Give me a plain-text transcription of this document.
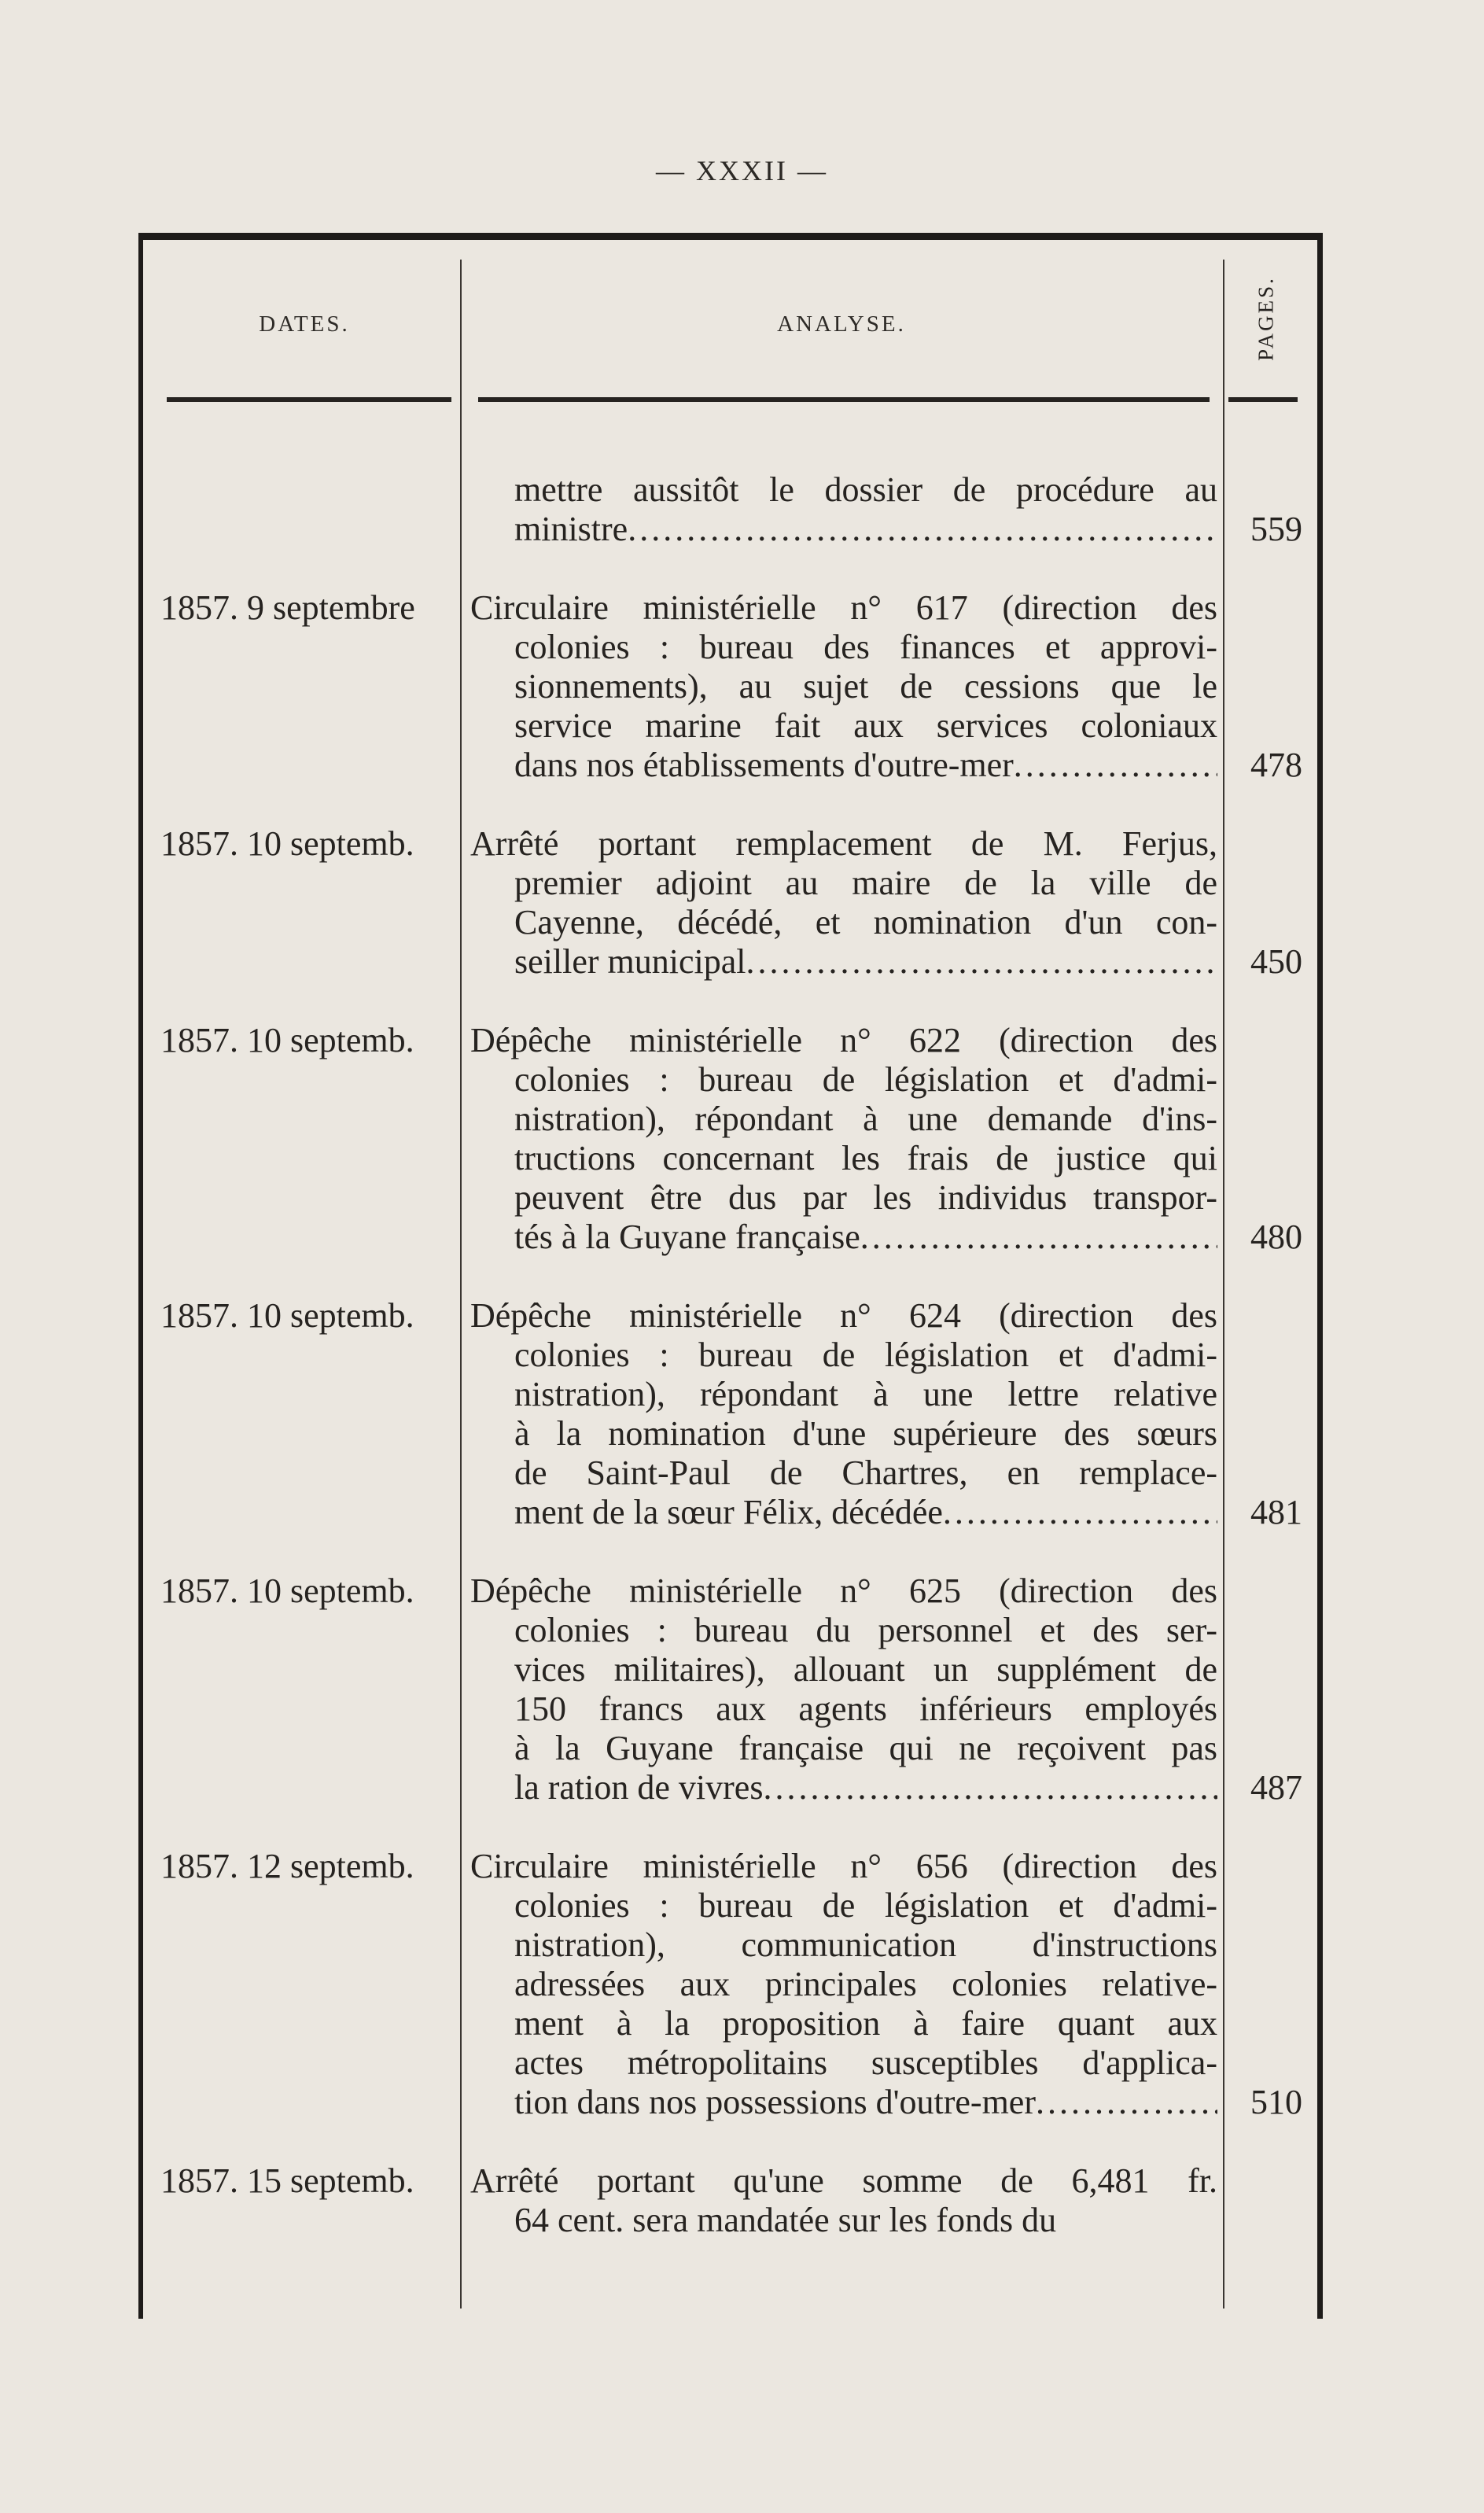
— XXXII —
DATES.	ANALYSE.	PAGES.
mettre aussitôt le dossier de procédure au
ministre .....	559
1857. 9 septembre	Circulaire ministérielle n° 617 (direction des
colonies : bureau des finances et approvi-
sionnements), au sujet de cessions que le
service marine fait aux services coloniaux
dans nos établissements d'outre-mer .....	478
1857. 10 septemb.	Arrêté portant remplacement de M. Ferjus,
premier adjoint au maire de la ville de
Cayenne, décédé, et nomination d'un con-
seiller municipal .....	450
1857. 10 septemb.	Dépêche ministérielle n° 622 (direction des
colonies : bureau de législation et d'admi-
nistration), répondant à une demande d'ins-
tructions concernant les frais de justice qui
peuvent être dus par les individus transpor-
tés à la Guyane française .....	480
1857. 10 septemb.	Dépêche ministérielle n° 624 (direction des
colonies : bureau de législation et d'admi-
nistration), répondant à une lettre relative
à la nomination d'une supérieure des sœurs
de Saint-Paul de Chartres, en remplace-
ment de la sœur Félix, décédée .....	481
1857. 10 septemb.	Dépêche ministérielle n° 625 (direction des
colonies : bureau du personnel et des ser-
vices militaires), allouant un supplément de
150 francs aux agents inférieurs employés
à la Guyane française qui ne reçoivent pas
la ration de vivres .....	487
1857. 12 septemb.	Circulaire ministérielle n° 656 (direction des
colonies : bureau de législation et d'admi-
nistration), communication d'instructions
adressées aux principales colonies relative-
ment à la proposition à faire quant aux
actes métropolitains susceptibles d'applica-
tion dans nos possessions d'outre-mer .....	510
1857. 15 septemb.	Arrêté portant qu'une somme de 6,481 fr.
64 cent. sera mandatée sur les fonds du
